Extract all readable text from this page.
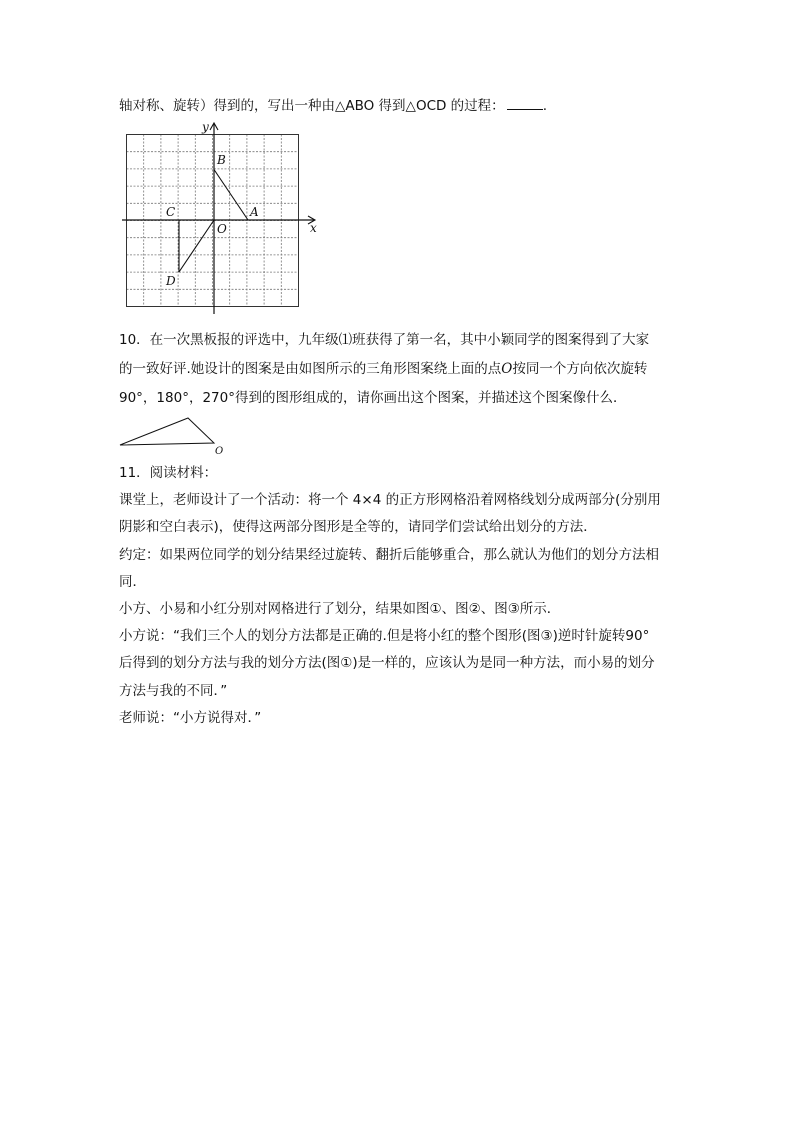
轴对称、旋转）得到的，写出一种由△ABO 得到△OCD 的过程：	.
y
x
B
C	A
O
D
10．在一次黑板报的评选中，九年级⑴班获得了第一名，其中小颖同学的图案得到了大家
的一致好评.她设计的图案是由如图所示的三角形图案绕上面的点O按同一个方向依次旋转
90°，180°，270°得到的图形组成的，请你画出这个图案，并描述这个图案像什么．
O
11．阅读材料：
课堂上，老师设计了一个活动：将一个 4×4 的正方形网格沿着网格线划分成两部分(分别用
阴影和空白表示)，使得这两部分图形是全等的，请同学们尝试给出划分的方法．
约定：如果两位同学的划分结果经过旋转、翻折后能够重合，那么就认为他们的划分方法相
同．
小方、小易和小红分别对网格进行了划分，结果如图①、图②、图③所示．
小方说：“我们三个人的划分方法都是正确的.但是将小红的整个图形(图③)逆时针旋转90°
后得到的划分方法与我的划分方法(图①)是一样的，应该认为是同一种方法，而小易的划分
方法与我的不同．”
老师说：“小方说得对．”
